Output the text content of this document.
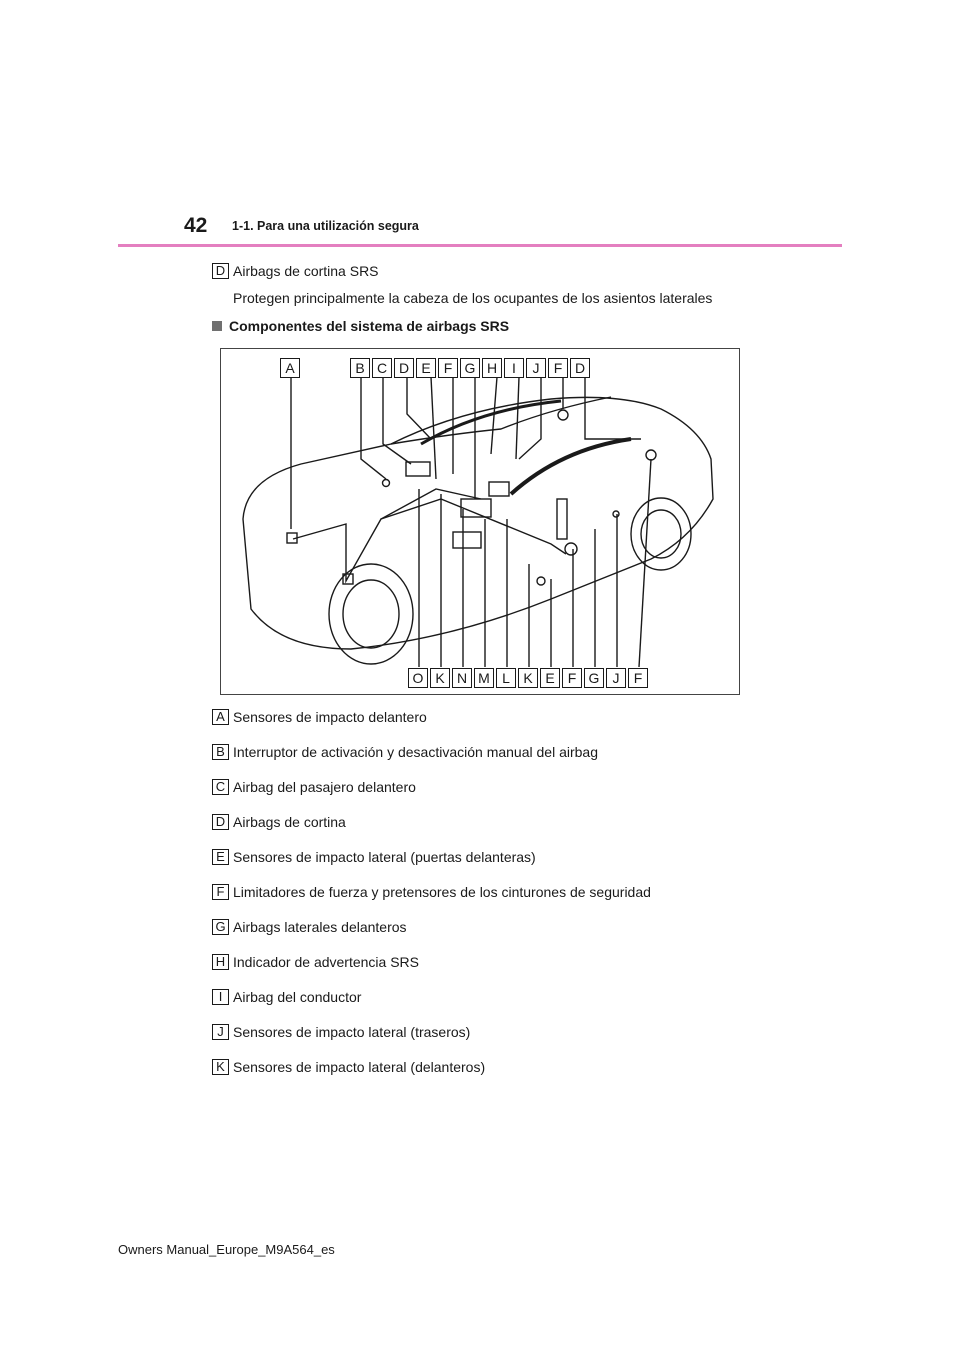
42 1-1. Para una utilización segura
D Airbags de cortina SRS
Protegen principalmente la cabeza de los ocupantes de los asientos laterales
Componentes del sistema de airbags SRS
A	B C D E F G H	I	J	F D
O K N M L K E F G J	F
A Sensores de impacto delantero
B Interruptor de activación y desactivación manual del airbag
C Airbag del pasajero delantero
D Airbags de cortina
E Sensores de impacto lateral (puertas delanteras)
F Limitadores de fuerza y pretensores de los cinturones de seguridad
G Airbags laterales delanteros
H Indicador de advertencia SRS
I Airbag del conductor
J Sensores de impacto lateral (traseros)
K Sensores de impacto lateral (delanteros)
Owners Manual_Europe_M9A564_es
